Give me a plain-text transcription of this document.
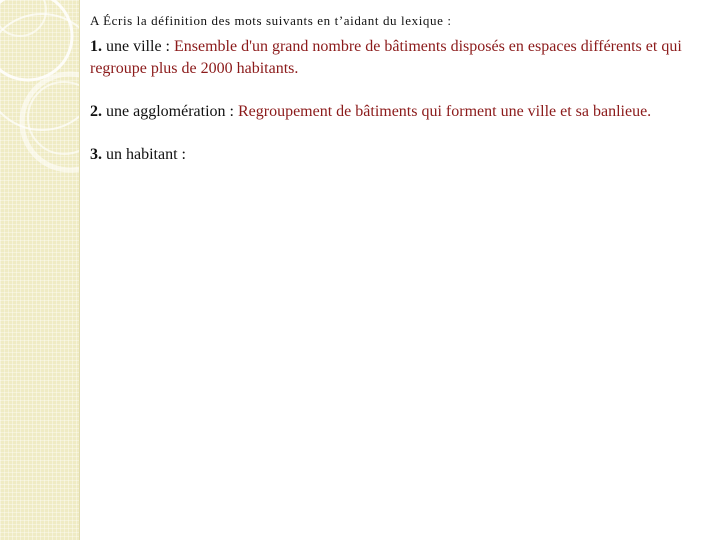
A Écris la définition des mots suivants en t’aidant du lexique :

1. une ville : Ensemble d'un grand nombre de bâtiments disposés en espaces différents et qui regroupe plus de 2000 habitants.

2. une agglomération : Regroupement de bâtiments qui forment une ville et sa banlieue.

3. un habitant :
